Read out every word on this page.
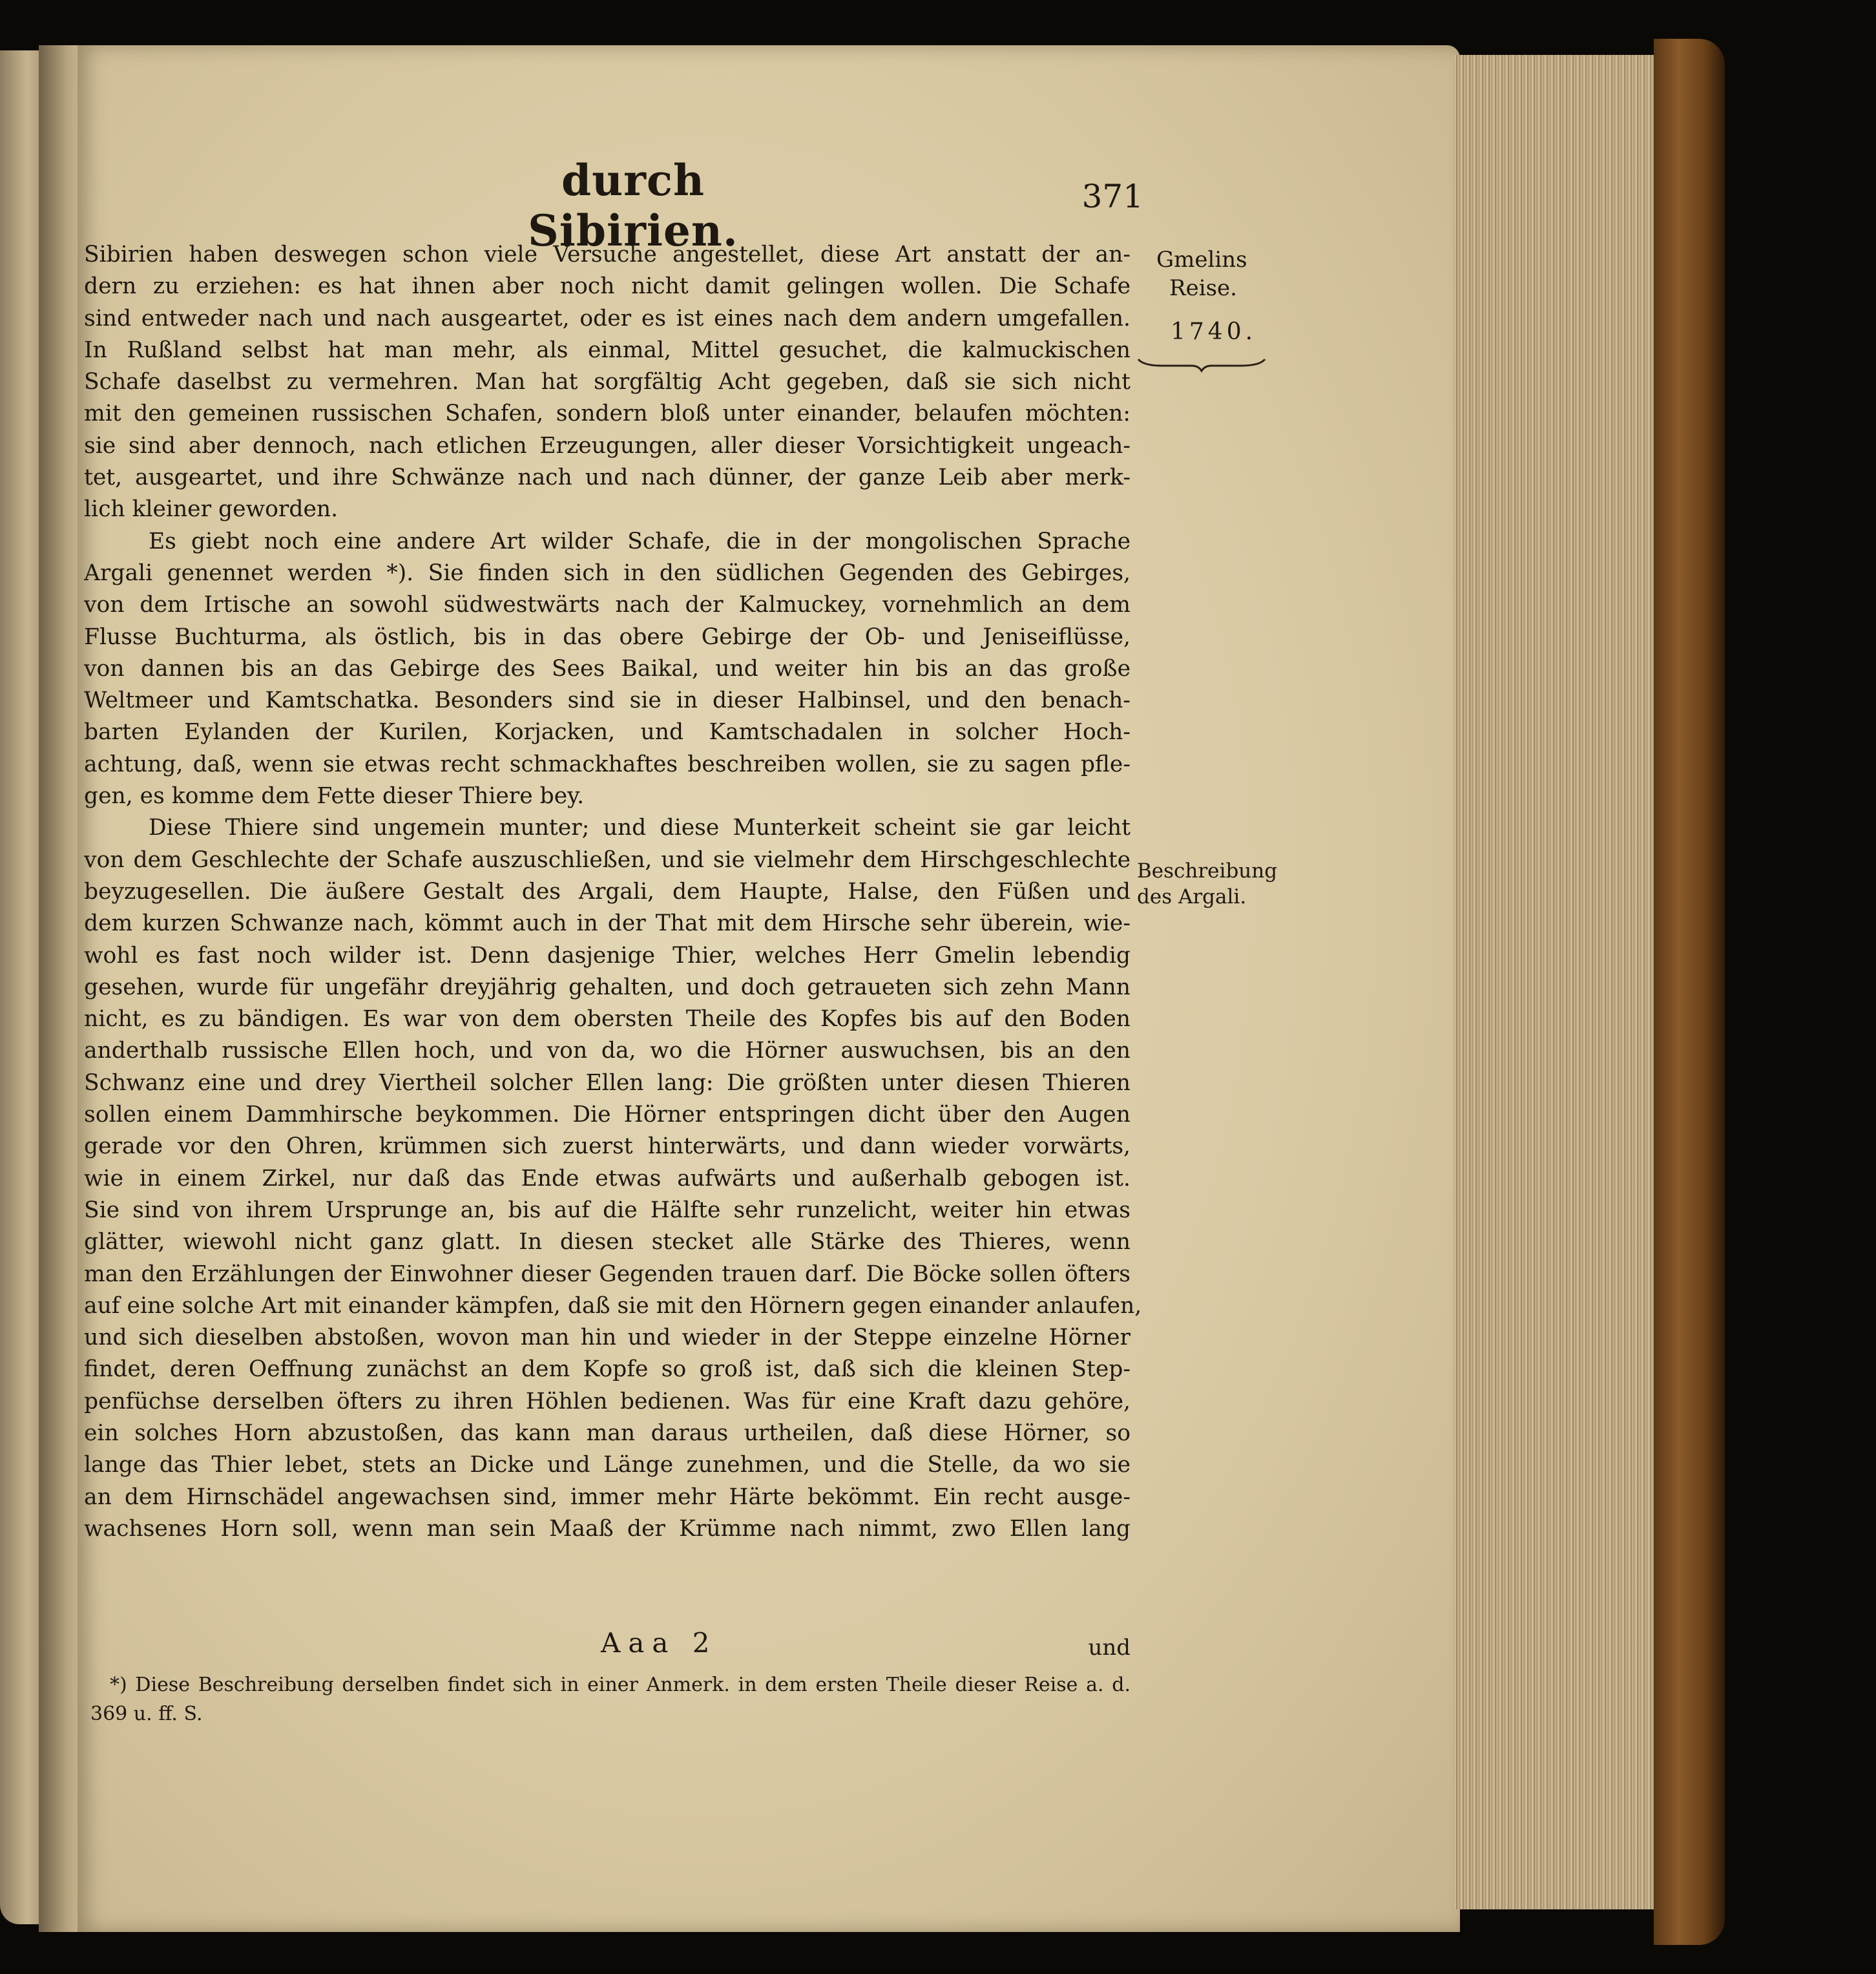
durch Sibirien.
371
Sibirien haben deswegen schon viele Versuche angestellet, diese Art anstatt der an-
dern zu erziehen: es hat ihnen aber noch nicht damit gelingen wollen. Die Schafe
sind entweder nach und nach ausgeartet, oder es ist eines nach dem andern umgefallen.
In Rußland selbst hat man mehr, als einmal, Mittel gesuchet, die kalmuckischen
Schafe daselbst zu vermehren. Man hat sorgfältig Acht gegeben, daß sie sich nicht
mit den gemeinen russischen Schafen, sondern bloß unter einander, belaufen möchten:
sie sind aber dennoch, nach etlichen Erzeugungen, aller dieser Vorsichtigkeit ungeach-
tet, ausgeartet, und ihre Schwänze nach und nach dünner, der ganze Leib aber merk-
lich kleiner geworden.
Es giebt noch eine andere Art wilder Schafe, die in der mongolischen Sprache
Argali genennet werden *). Sie finden sich in den südlichen Gegenden des Gebirges,
von dem Irtische an sowohl südwestwärts nach der Kalmuckey, vornehmlich an dem
Flusse Buchturma, als östlich, bis in das obere Gebirge der Ob- und Jeniseiflüsse,
von dannen bis an das Gebirge des Sees Baikal, und weiter hin bis an das große
Weltmeer und Kamtschatka. Besonders sind sie in dieser Halbinsel, und den benach-
barten Eylanden der Kurilen, Korjacken, und Kamtschadalen in solcher Hoch-
achtung, daß, wenn sie etwas recht schmackhaftes beschreiben wollen, sie zu sagen pfle-
gen, es komme dem Fette dieser Thiere bey.
Diese Thiere sind ungemein munter; und diese Munterkeit scheint sie gar leicht
von dem Geschlechte der Schafe auszuschließen, und sie vielmehr dem Hirschgeschlechte
beyzugesellen. Die äußere Gestalt des Argali, dem Haupte, Halse, den Füßen und
dem kurzen Schwanze nach, kömmt auch in der That mit dem Hirsche sehr überein, wie-
wohl es fast noch wilder ist. Denn dasjenige Thier, welches Herr Gmelin lebendig
gesehen, wurde für ungefähr dreyjährig gehalten, und doch getraueten sich zehn Mann
nicht, es zu bändigen. Es war von dem obersten Theile des Kopfes bis auf den Boden
anderthalb russische Ellen hoch, und von da, wo die Hörner auswuchsen, bis an den
Schwanz eine und drey Viertheil solcher Ellen lang: Die größten unter diesen Thieren
sollen einem Dammhirsche beykommen. Die Hörner entspringen dicht über den Augen
gerade vor den Ohren, krümmen sich zuerst hinterwärts, und dann wieder vorwärts,
wie in einem Zirkel, nur daß das Ende etwas aufwärts und außerhalb gebogen ist.
Sie sind von ihrem Ursprunge an, bis auf die Hälfte sehr runzelicht, weiter hin etwas
glätter, wiewohl nicht ganz glatt. In diesen stecket alle Stärke des Thieres, wenn
man den Erzählungen der Einwohner dieser Gegenden trauen darf. Die Böcke sollen öfters
auf eine solche Art mit einander kämpfen, daß sie mit den Hörnern gegen einander anlaufen,
und sich dieselben abstoßen, wovon man hin und wieder in der Steppe einzelne Hörner
findet, deren Oeffnung zunächst an dem Kopfe so groß ist, daß sich die kleinen Step-
penfüchse derselben öfters zu ihren Höhlen bedienen. Was für eine Kraft dazu gehöre,
ein solches Horn abzustoßen, das kann man daraus urtheilen, daß diese Hörner, so
lange das Thier lebet, stets an Dicke und Länge zunehmen, und die Stelle, da wo sie
an dem Hirnschädel angewachsen sind, immer mehr Härte bekömmt. Ein recht ausge-
wachsenes Horn soll, wenn man sein Maaß der Krümme nach nimmt, zwo Ellen lang
Aaa 2	und
*) Diese Beschreibung derselben findet sich in einer Anmerk. in dem ersten Theile dieser Reise a. d.
369 u. ff. S.
Gmelins
Reise.
1740.
Beschreibung
des Argali.
